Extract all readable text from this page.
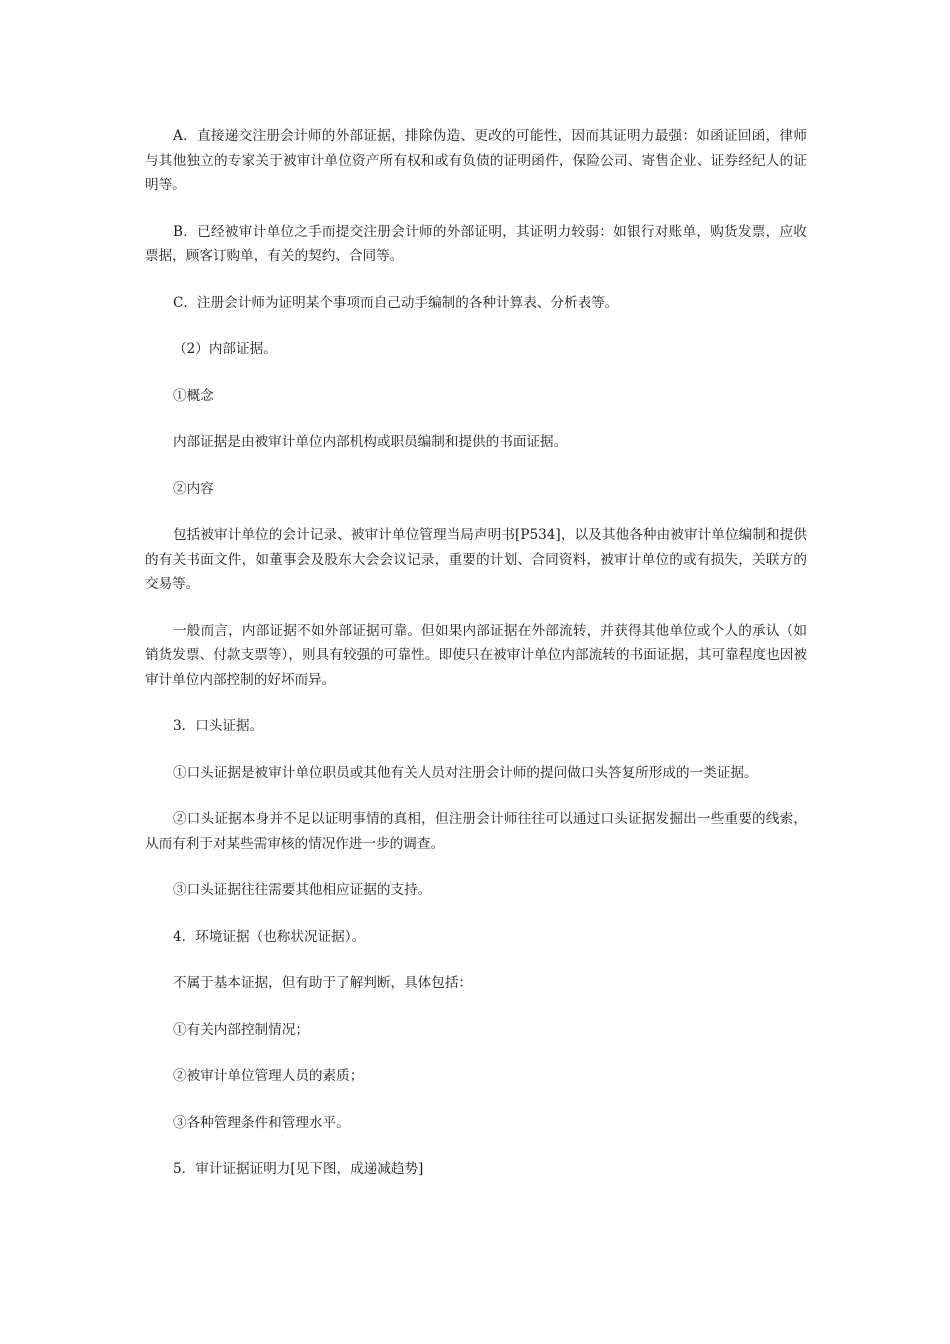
A．直接递交注册会计师的外部证据，排除伪造、更改的可能性，因而其证明力最强：如函证回函，律师与其他独立的专家关于被审计单位资产所有权和或有负债的证明函件，保险公司、寄售企业、证券经纪人的证明等。

B．已经被审计单位之手而提交注册会计师的外部证明，其证明力较弱：如银行对账单，购货发票，应收票据，顾客订购单，有关的契约、合同等。

C．注册会计师为证明某个事项而自己动手编制的各种计算表、分析表等。

（2）内部证据。

①概念

内部证据是由被审计单位内部机构或职员编制和提供的书面证据。

②内容

包括被审计单位的会计记录、被审计单位管理当局声明书[P534]，以及其他各种由被审计单位编制和提供的有关书面文件，如董事会及股东大会会议记录，重要的计划、合同资料，被审计单位的或有损失，关联方的交易等。

一般而言，内部证据不如外部证据可靠。但如果内部证据在外部流转，并获得其他单位或个人的承认（如销货发票、付款支票等），则具有较强的可靠性。即使只在被审计单位内部流转的书面证据，其可靠程度也因被审计单位内部控制的好坏而异。

3．口头证据。

①口头证据是被审计单位职员或其他有关人员对注册会计师的提问做口头答复所形成的一类证据。

②口头证据本身并不足以证明事情的真相，但注册会计师往往可以通过口头证据发掘出一些重要的线索，从而有利于对某些需审核的情况作进一步的调查。

③口头证据往往需要其他相应证据的支持。

4．环境证据（也称状况证据）。

不属于基本证据，但有助于了解判断，具体包括：

①有关内部控制情况；

②被审计单位管理人员的素质；

③各种管理条件和管理水平。

5．审计证据证明力[见下图，成递减趋势]
